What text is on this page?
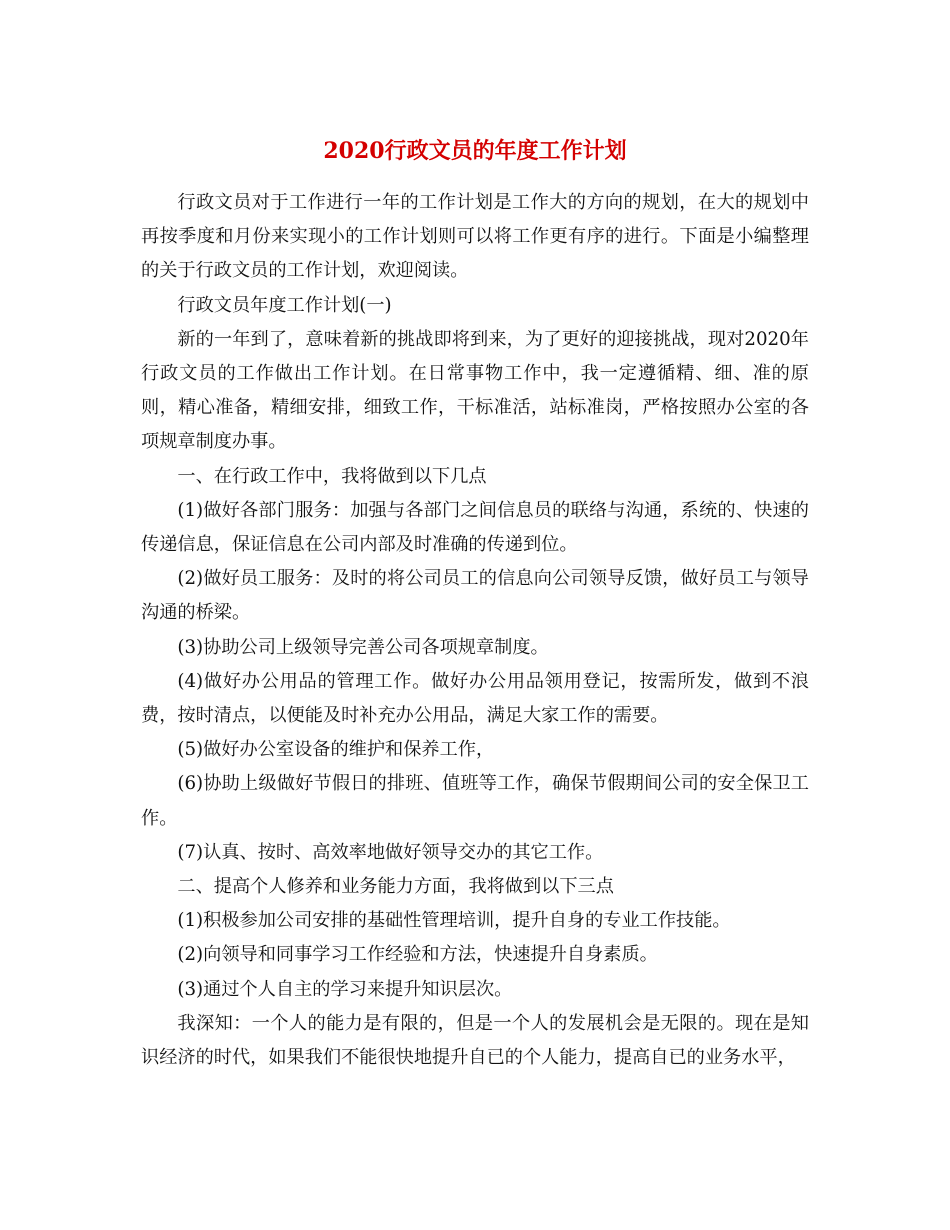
2020行政文员的年度工作计划

行政文员对于工作进行一年的工作计划是工作大的方向的规划，在大的规划中再按季度和月份来实现小的工作计划则可以将工作更有序的进行。下面是小编整理的关于行政文员的工作计划，欢迎阅读。

行政文员年度工作计划(一)

新的一年到了，意味着新的挑战即将到来，为了更好的迎接挑战，现对2020年行政文员的工作做出工作计划。在日常事物工作中，我一定遵循精、细、准的原则，精心准备，精细安排，细致工作，干标准活，站标准岗，严格按照办公室的各项规章制度办事。

一、在行政工作中，我将做到以下几点

(1)做好各部门服务：加强与各部门之间信息员的联络与沟通，系统的、快速的传递信息，保证信息在公司内部及时准确的传递到位。

(2)做好员工服务：及时的将公司员工的信息向公司领导反馈，做好员工与领导沟通的桥梁。

(3)协助公司上级领导完善公司各项规章制度。

(4)做好办公用品的管理工作。做好办公用品领用登记，按需所发，做到不浪费，按时清点，以便能及时补充办公用品，满足大家工作的需要。

(5)做好办公室设备的维护和保养工作，

(6)协助上级做好节假日的排班、值班等工作，确保节假期间公司的安全保卫工作。

(7)认真、按时、高效率地做好领导交办的其它工作。

二、提高个人修养和业务能力方面，我将做到以下三点

(1)积极参加公司安排的基础性管理培训，提升自身的专业工作技能。

(2)向领导和同事学习工作经验和方法，快速提升自身素质。

(3)通过个人自主的学习来提升知识层次。

我深知：一个人的能力是有限的，但是一个人的发展机会是无限的。现在是知识经济的时代，如果我们不能很快地提升自已的个人能力，提高自已的业务水平，
